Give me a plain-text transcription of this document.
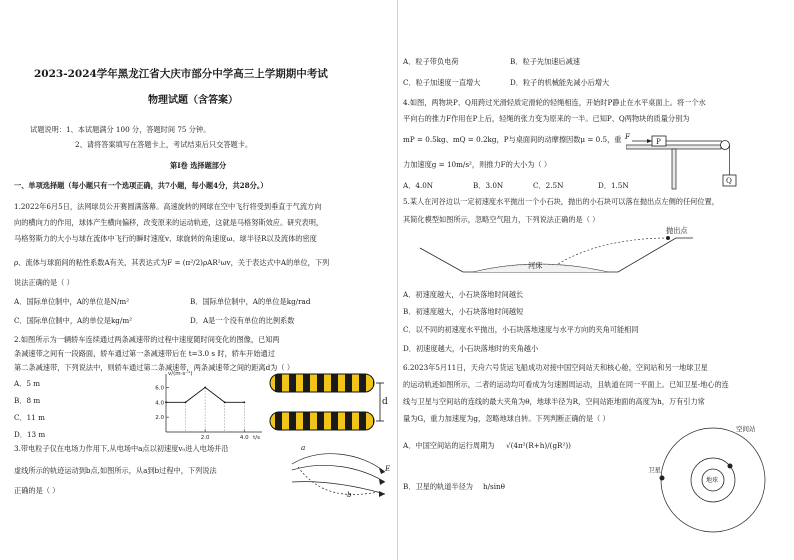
2023-2024学年黑龙江省大庆市部分中学高三上学期期中考试
物理试题（含答案）
试题说明：1、本试题满分 100 分，答题时间 75 分钟。
2、请将答案填写在答题卡上，考试结束后只交答题卡。
第Ⅰ卷 选择题部分
一、单项选择题（每小题只有一个选项正确，共7小题，每小题4分，共28分。）
1.2022年6月5日，法网球员公开赛圆满落幕。高速旋转的网球在空中飞行将受到垂直于气流方向
向的横向力的作用，球体产生横向偏移，改变原来的运动轨迹，这就是马格努斯效应。研究表明，
马格努斯力的大小与球在流体中飞行的瞬时速度v、球旋转的角速度ω、球半径R以及流体的密度
ρ、流体与球面间的粘性系数A有关，其表达式为F = (π²/2)ρAR²ωv，关于表达式中A的单位，下列
说法正确的是（ ）
A．国际单位制中，A的单位是N/m²	B．国际单位制中，A的单位是kg/rad
C．国际单位制中，A的单位是kg/m²	D．A是一个没有单位的比例系数
2.如图所示为一辆轿车连续通过两条减速带的过程中速度随时间变化的图像，已知两
条减速带之间有一段路面，轿车通过第一条减速带后在 t=3.0 s 时，轿车开始通过
第二条减速带，下列说法中，则轿车通过第二条减速带，两条减速带之间的距离d为（ ）
A．5 m
B．8 m
C．11 m
D．13 m
2.0
4.0
6.0
2.0	4.0
v/(m·s⁻¹)
t/s
d
3.带电粒子仅在电场力作用下,从电场中a点以初速度v₀进入电场并沿
虚线所示的轨迹运动到b点,如图所示，从a到b过程中，下列说法
正确的是（ ）
a
b
E
A．粒子带负电荷	B．粒子先加速后减速
C．粒子加速度一直增大	D．粒子的机械能先减小后增大
4.如图，两物块P、Q用跨过光滑轻质定滑轮的轻绳相连，开始时P静止在水平桌面上。将一个水
平向右的推力F作用在P上后，轻绳的张力变为原来的一半。已知P、Q两物块的质量分别为
mP = 0.5kg、mQ = 0.2kg，P与桌面间的动摩擦因数μ = 0.5，重
力加速度g = 10m/s²，则推力F的大小为（ ）
A．4.0N	B．3.0N	C．2.5N	D．1.5N
F
P
Q
5.某人在河谷边以一定初速度水平抛出一个小石块，抛出的小石块可以落在抛出点左侧的任何位置，
其简化模型如图所示，忽略空气阻力，下列说法正确的是（ ）
抛出点
河床
A．初速度越大，小石块落地时间越长
B．初速度越大，小石块落地时间越短
C．以不同的初速度水平抛出，小石块落地速度与水平方向的夹角可能相同
D．初速度越大，小石块落地时的夹角越小
6.2023年5月11日，天舟六号货运飞船成功对接中国空间站天和核心舱，空间站和另一地球卫星
的运动轨迹如图所示，二者的运动均可看成为匀速圆周运动，且轨道在同一平面上。已知卫星-地心的连
线与卫星与空间站的连线的最大夹角为θ，地球半径为R，空间站距地面的高度为h，万有引力常
量为G，重力加速度为g，忽略地球自转。下列判断正确的是（ ）
A．中国空间站的运行周期为 √(4π²(R+h)/(gR²))
B．卫星的轨道半径为 h/sinθ
空间站
卫星
地球
